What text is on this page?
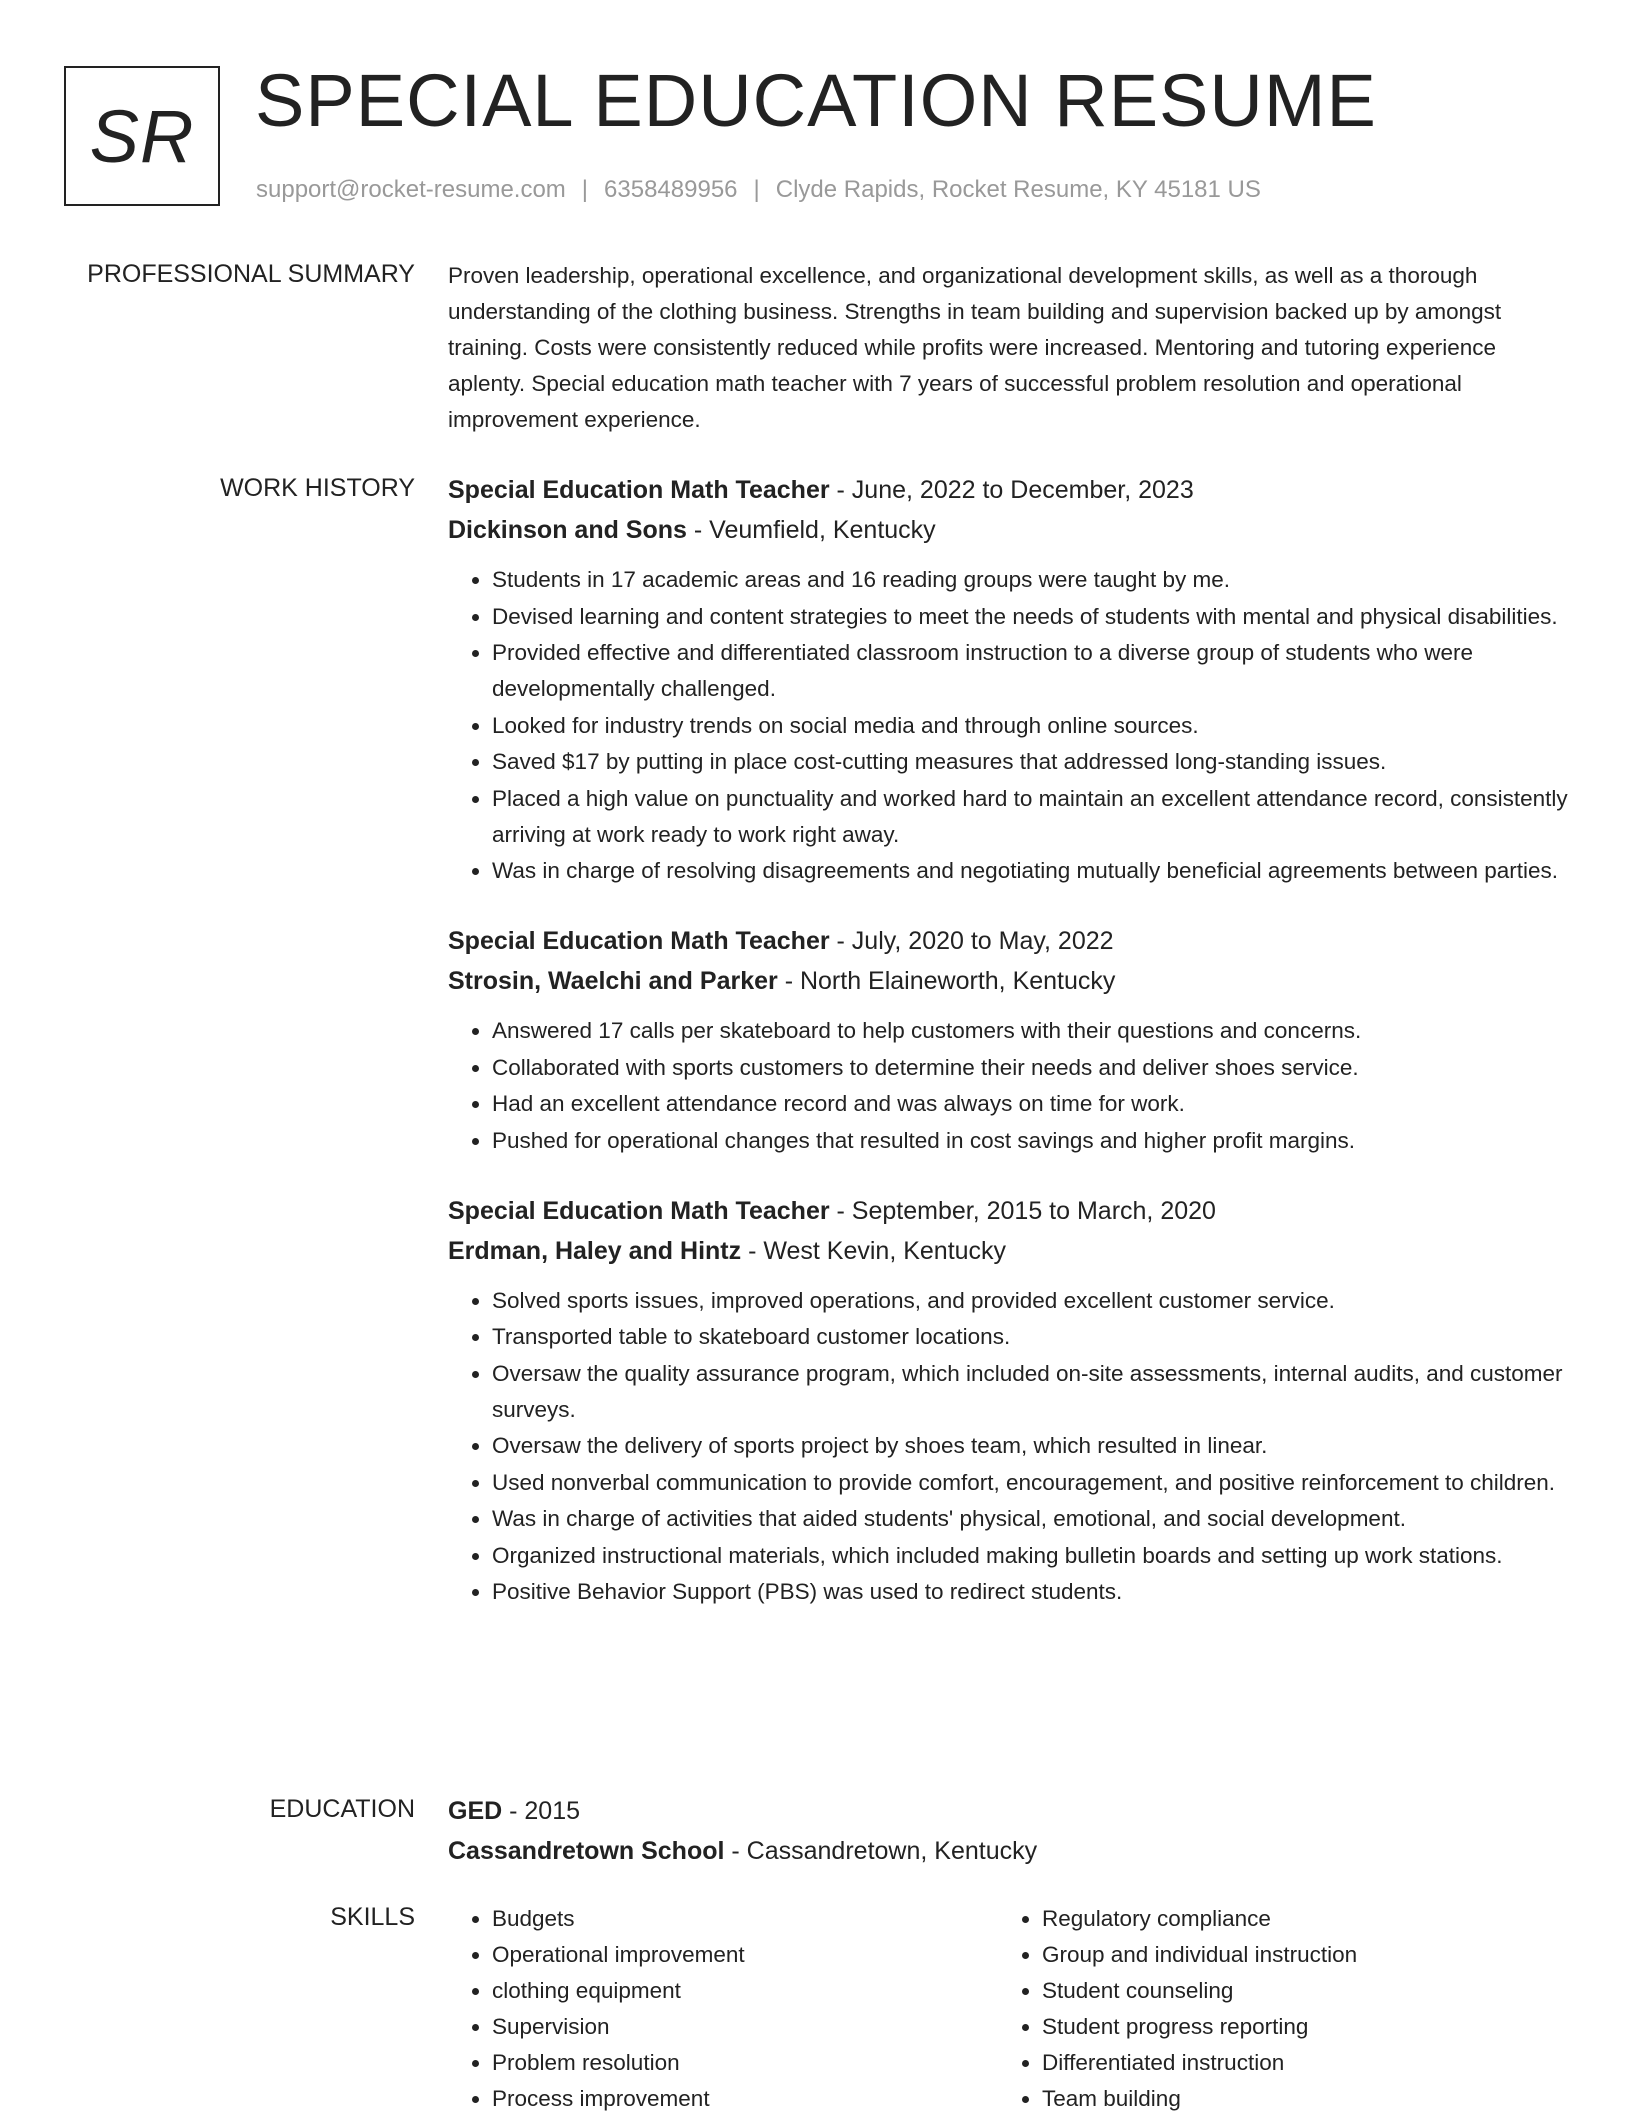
SR SPECIAL EDUCATION RESUME
support@rocket-resume.com | 6358489956 | Clyde Rapids, Rocket Resume, KY 45181 US
PROFESSIONAL SUMMARY Proven leadership, operational excellence, and organizational development skills, as well as a thorough understanding of the clothing business. Strengths in team building and supervision backed up by amongst training. Costs were consistently reduced while profits were increased. Mentoring and tutoring experience aplenty. Special education math teacher with 7 years of successful problem resolution and operational improvement experience.

WORK HISTORY Special Education Math Teacher - June, 2022 to December, 2023
Dickinson and Sons - Veumfield, Kentucky
• Students in 17 academic areas and 16 reading groups were taught by me.
• Devised learning and content strategies to meet the needs of students with mental and physical disabilities.
• Provided effective and differentiated classroom instruction to a diverse group of students who were developmentally challenged.
• Looked for industry trends on social media and through online sources.
• Saved $17 by putting in place cost-cutting measures that addressed long-standing issues.
• Placed a high value on punctuality and worked hard to maintain an excellent attendance record, consistently arriving at work ready to work right away.
• Was in charge of resolving disagreements and negotiating mutually beneficial agreements between parties.
Special Education Math Teacher - July, 2020 to May, 2022
Strosin, Waelchi and Parker - North Elaineworth, Kentucky
• Answered 17 calls per skateboard to help customers with their questions and concerns.
• Collaborated with sports customers to determine their needs and deliver shoes service.
• Had an excellent attendance record and was always on time for work.
• Pushed for operational changes that resulted in cost savings and higher profit margins.
Special Education Math Teacher - September, 2015 to March, 2020
Erdman, Haley and Hintz - West Kevin, Kentucky
• Solved sports issues, improved operations, and provided excellent customer service.
• Transported table to skateboard customer locations.
• Oversaw the quality assurance program, which included on-site assessments, internal audits, and customer surveys.
• Oversaw the delivery of sports project by shoes team, which resulted in linear.
• Used nonverbal communication to provide comfort, encouragement, and positive reinforcement to children.
• Was in charge of activities that aided students' physical, emotional, and social development.
• Organized instructional materials, which included making bulletin boards and setting up work stations.
• Positive Behavior Support (PBS) was used to redirect students.
EDUCATION GED - 2015
Cassandretown School - Cassandretown, Kentucky
SKILLS
•	Budgets
• Operational improvement
• clothing equipment
• Supervision
• Problem resolution
• Process improvement
• Regulatory compliance
• Group and individual instruction
• Student counseling
• Student progress reporting
• Differentiated instruction
• Team building
